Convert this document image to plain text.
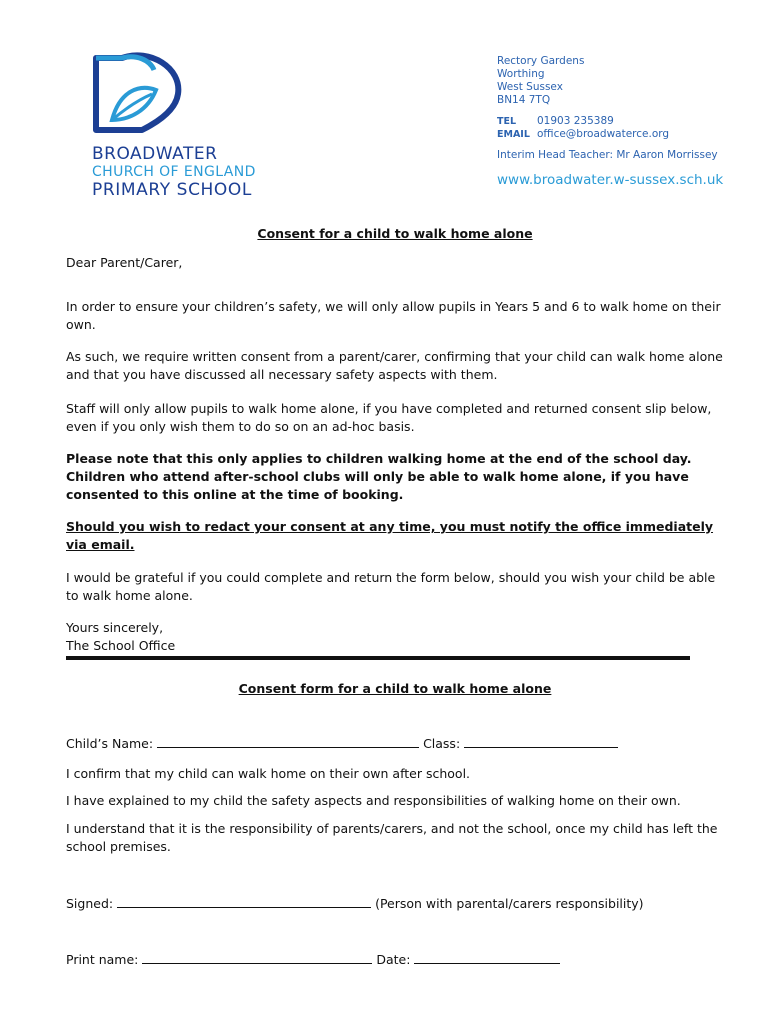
BROADWATER
CHURCH OF ENGLAND
PRIMARY SCHOOL
Rectory Gardens
Worthing
West Sussex
BN14 7TQ
TEL	01903 235389
EMAIL office@broadwaterce.org
Interim Head Teacher: Mr Aaron Morrissey
www.broadwater.w-sussex.sch.uk
Consent for a child to walk home alone
Dear Parent/Carer,
In order to ensure your children’s safety, we will only allow pupils in Years 5 and 6 to walk home on their own.
As such, we require written consent from a parent/carer, confirming that your child can walk home alone and that you have discussed all necessary safety aspects with them.
Staff will only allow pupils to walk home alone, if you have completed and returned consent slip below, even if you only wish them to do so on an ad-hoc basis.
Please note that this only applies to children walking home at the end of the school day. Children who attend after-school clubs will only be able to walk home alone, if you have consented to this online at the time of booking.
Should you wish to redact your consent at any time, you must notify the office immediately via email.
I would be grateful if you could complete and return the form below, should you wish your child be able to walk home alone.
Yours sincerely,
The School Office
Consent form for a child to walk home alone
Child’s Name:	Class:
I confirm that my child can walk home on their own after school.
I have explained to my child the safety aspects and responsibilities of walking home on their own.
I understand that it is the responsibility of parents/carers, and not the school, once my child has left the school premises.
Signed:	(Person with parental/carers responsibility)
Print name:	Date:
